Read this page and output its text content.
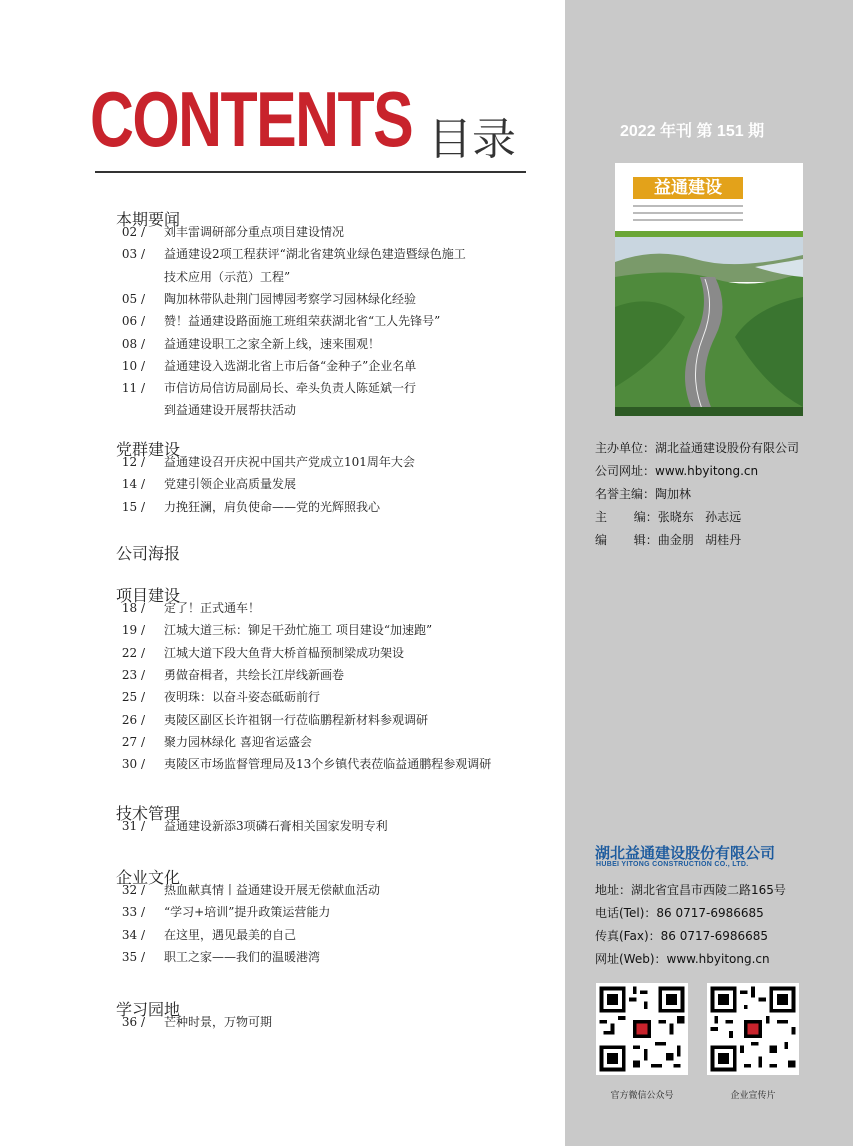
CONTENTS 目录
本期要闻
02 / 刘丰雷调研部分重点项目建设情况
03 / 益通建设2项工程获评“湖北省建筑业绿色建造暨绿色施工
技术应用（示范）工程”
05 / 陶加林带队赴荆门园博园考察学习园林绿化经验
06 / 赞！益通建设路面施工班组荣获湖北省“工人先锋号”
08 / 益通建设职工之家全新上线，速来围观！
10 / 益通建设入选湖北省上市后备“金种子”企业名单
11 / 市信访局信访局副局长、牵头负责人陈延斌一行
到益通建设开展帮扶活动
党群建设
12 / 益通建设召开庆祝中国共产党成立101周年大会
14 / 党建引领企业高质量发展
15 / 力挽狂澜，肩负使命——党的光辉照我心
公司海报
项目建设
18 / 定了！正式通车！
19 / 江城大道三标：铆足干劲忙施工 项目建设“加速跑”
22 / 江城大道下段大鱼背大桥首榀预制梁成功架设
23 / 勇做奋楫者，共绘长江岸线新画卷
25 / 夜明珠：以奋斗姿态砥砺前行
26 / 夷陵区副区长许祖钢一行莅临鹏程新材料参观调研
27 / 聚力园林绿化 喜迎省运盛会
30 / 夷陵区市场监督管理局及13个乡镇代表莅临益通鹏程参观调研
技术管理
31 / 益通建设新添3项磷石膏相关国家发明专利
企业文化
32 / 热血献真情丨益通建设开展无偿献血活动
33 / “学习+培训”提升政策运营能力
34 / 在这里，遇见最美的自己
35 / 职工之家——我们的温暖港湾
学习园地
36 / 芒种时景，万物可期
2022 年刊 第 151 期
益通建设
主办单位：湖北益通建设股份有限公司
公司网址：www.hbyitong.cn
名誉主编：陶加林
主       编：张晓东   孙志远
编       辑：曲金朋   胡桂丹
湖北益通建设股份有限公司
HUBEI YITONG CONSTRUCTION CO., LTD.
地址：湖北省宜昌市西陵二路165号
电话(Tel)：86 0717-6986685
传真(Fax)：86 0717-6986685
网址(Web)：www.hbyitong.cn
官方微信公众号	企业宣传片
